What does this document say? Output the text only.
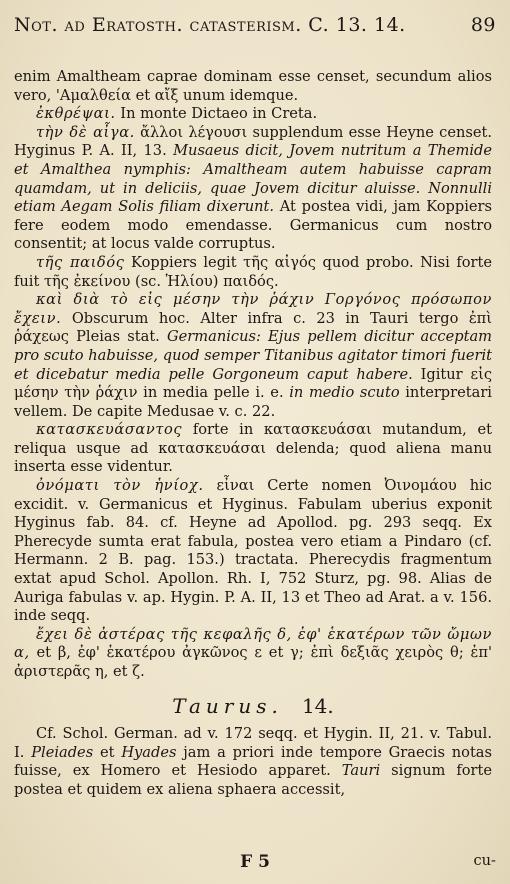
Not. ad Eratosth. catasterism. C. 13. 14.	89

enim Amaltheam caprae dominam esse censet, secundum alios vero, 'Αμαλθεία et αἴξ unum idemque.

ἐκθρέψαι. In monte Dictaeo in Creta.

τὴν δὲ αἶγα. ἄλλοι λέγουσι supplendum esse Heyne censet. Hyginus P. A. II, 13. Musaeus dicit, Jovem nutritum a Themide et Amalthea nymphis: Amaltheam autem habuisse capram quamdam, ut in deliciis, quae Jovem dicitur aluisse. Nonnulli etiam Aegam Solis filiam dixerunt. At postea vidi, jam Koppiers fere eodem modo emendasse. Germanicus cum nostro consentit; at locus valde corruptus.

τῆς παιδός Koppiers legit τῆς αἰγός quod probo. Nisi forte fuit τῆς ἐκείνου (sc. Ἡλίου) παιδός.

καὶ διὰ τὸ εἰς μέσην τὴν ῥάχιν Γοργόνος πρόσωπον ἔχειν. Obscurum hoc. Alter infra c. 23 in Tauri tergo ἐπὶ ῥάχεως Pleias stat. Germanicus: Ejus pellem dicitur acceptam pro scuto habuisse, quod semper Titanibus agitator timori fuerit et dicebatur media pelle Gorgoneum caput habere. Igitur εἰς μέσην τὴν ῥάχιν in media pelle i. e. in medio scuto interpretari vellem. De capite Medusae v. c. 22.

κατασκευάσαντος forte in κατασκευάσαι mutandum, et reliqua usque ad κατασκευάσαι delenda; quod aliena manu inserta esse videntur.

ὀνόματι τὸν ἡνίοχ. εἶναι Certe nomen Ὀινομάου hic excidit. v. Germanicus et Hyginus. Fabulam uberius exponit Hyginus fab. 84. cf. Heyne ad Apollod. pg. 293 seqq. Ex Pherecyde sumta erat fabula, postea vero etiam a Pindaro (cf. Hermann. 2 B. pag. 153.) tractata. Pherecydis fragmentum extat apud Schol. Apollon. Rh. I, 752 Sturz, pg. 98. Alias de Auriga fabulas v. ap. Hygin. P. A. II, 13 et Theo ad Arat. a v. 156. inde seqq.

ἔχει δὲ ἀστέρας τῆς κεφαλῆς δ, ἐφ' ἑκατέρων τῶν ὤμων α, et β, ἐφ' ἑκατέρου ἀγκῶνος ε et γ; ἐπὶ δεξιᾶς χειρὸς θ; ἐπ' ἀριστερᾶς η, et ζ.

Taurus. 14.

Cf. Schol. German. ad v. 172 seqq. et Hygin. II, 21. v. Tabul. I. Pleiades et Hyades jam a priori inde tempore Graecis notas fuisse, ex Homero et Hesiodo apparet. Tauri signum forte postea et quidem ex aliena sphaera accessit,

F 5	cu-
